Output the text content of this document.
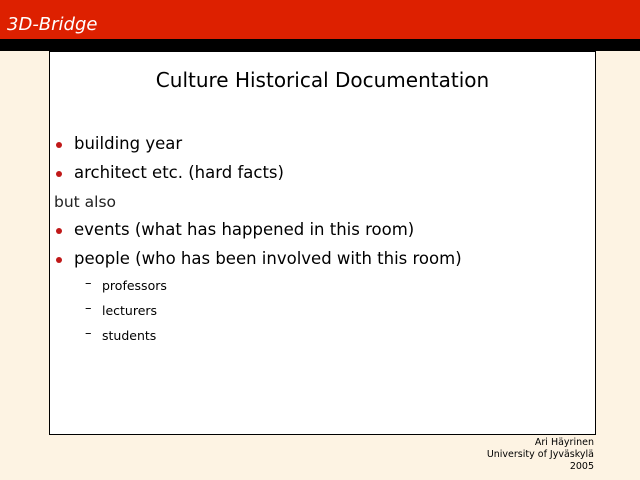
3D-Bridge
Culture Historical Documentation
building year
architect etc. (hard facts)
but also
events (what has happened in this room)
people (who has been involved with this room)
– professors
– lecturers
– students
Ari Häyrinen
University of Jyväskylä
2005
